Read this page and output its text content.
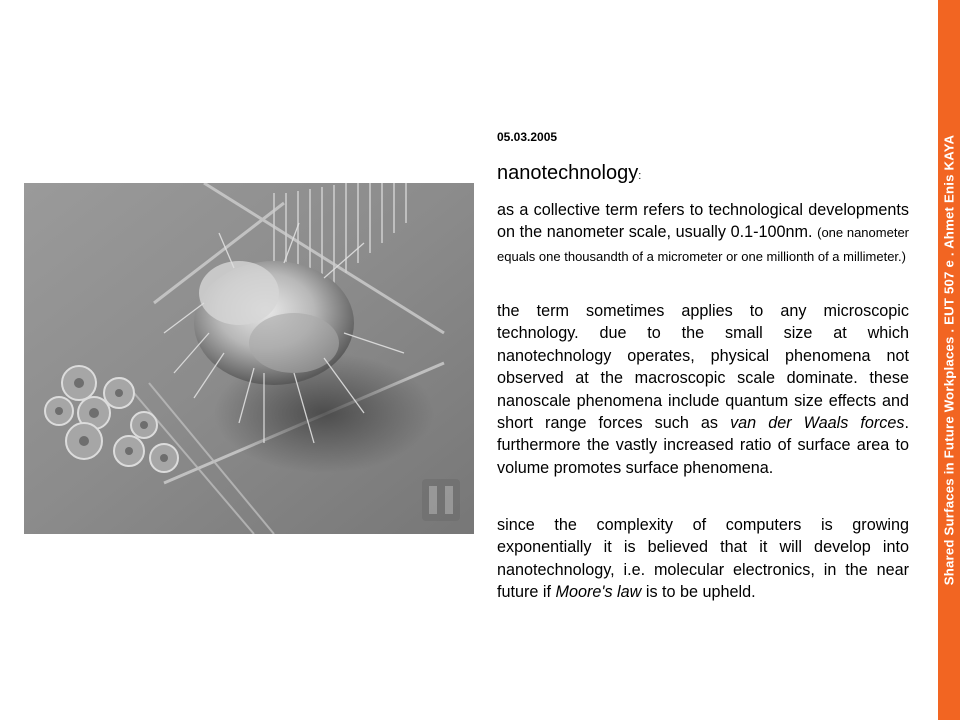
Shared Surfaces in Future Workplaces . EUT 507 e . Ahmet Enis KAYA
05.03.2005
nanotechnology:

as a collective term refers to technological developments on the nanometer scale, usually 0.1-100nm. (one nanometer equals one thousandth of a micrometer or one millionth of a millimeter.)

the term sometimes applies to any microscopic technology. due to the small size at which nanotechnology operates, physical phenomena not observed at the macroscopic scale dominate. these nanoscale phenomena include quantum size effects and short range forces such as van der Waals forces. furthermore the vastly increased ratio of surface area to volume promotes surface phenomena.

since the complexity of computers is growing exponentially it is believed that it will develop into nanotechnology, i.e. molecular electronics, in the near future if Moore's law is to be upheld.
